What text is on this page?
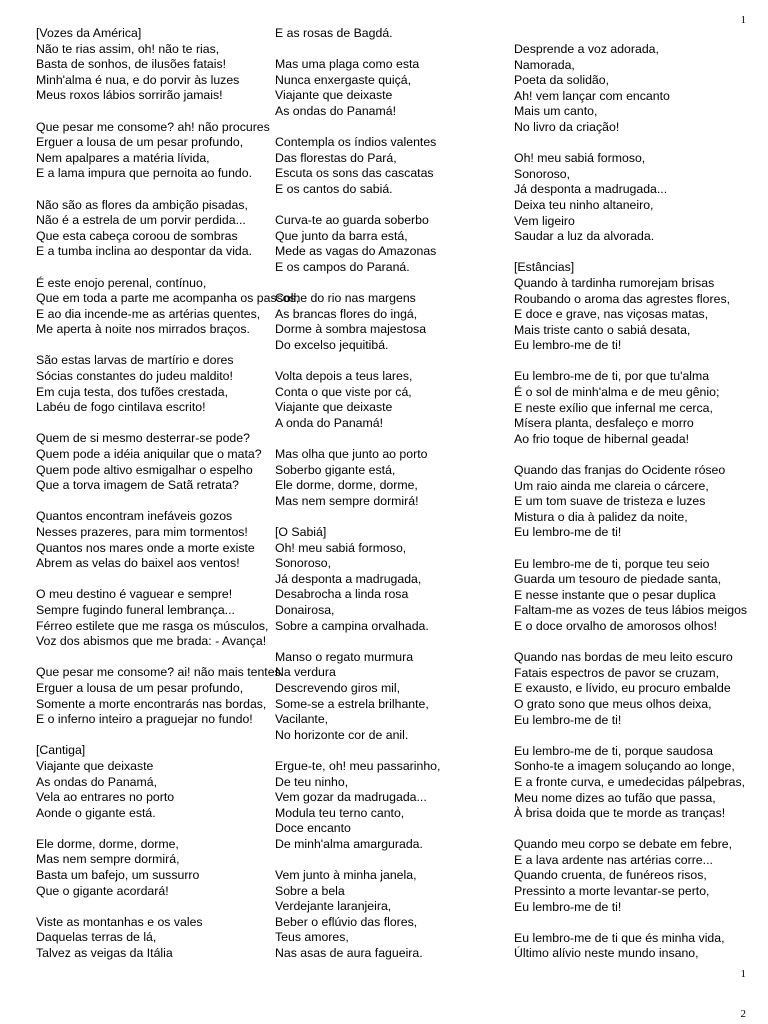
1
[Vozes da América]
Não te rias assim, oh! não te rias,
Basta de sonhos, de ilusões fatais!
Minh'alma é nua, e do porvir às luzes
Meus roxos lábios sorrirão jamais!

Que pesar me consome? ah! não procures
Erguer a lousa de um pesar profundo,
Nem apalpares a matéria lívida,
E a lama impura que pernoita ao fundo.

Não são as flores da ambição pisadas,
Não é a estrela de um porvir perdida...
Que esta cabeça coroou de sombras
E a tumba inclina ao despontar da vida.

É este enojo perenal, contínuo,
Que em toda a parte me acompanha os passos,
E ao dia incende-me as artérias quentes,
Me aperta à noite nos mirrados braços.

São estas larvas de martírio e dores
Sócias constantes do judeu maldito!
Em cuja testa, dos tufões crestada,
Labéu de fogo cintilava escrito!

Quem de si mesmo desterrar-se pode?
Quem pode a idéia aniquilar que o mata?
Quem pode altivo esmigalhar o espelho
Que a torva imagem de Satã retrata?

Quantos encontram inefáveis gozos
Nesses prazeres, para mim tormentos!
Quantos nos mares onde a morte existe
Abrem as velas do baixel aos ventos!

O meu destino é vaguear e sempre!
Sempre fugindo funeral lembrança...
Férreo estilete que me rasga os músculos,
Voz dos abismos que me brada: - Avança!

Que pesar me consome? ai! não mais tentes
Erguer a lousa de um pesar profundo,
Somente a morte encontrarás nas bordas,
E o inferno inteiro a praguejar no fundo!

[Cantiga]
Viajante que deixaste
As ondas do Panamá,
Vela ao entrares no porto
Aonde o gigante está.

Ele dorme, dorme, dorme,
Mas nem sempre dormirá,
Basta um bafejo, um sussurro
Que o gigante acordará!

Viste as montanhas e os vales
Daquelas terras de lá,
Talvez as veigas da Itália
E as rosas de Bagdá.

Mas uma plaga como esta
Nunca enxergaste quiçá,
Viajante que deixaste
As ondas do Panamá!

Contempla os índios valentes
Das florestas do Pará,
Escuta os sons das cascatas
E os cantos do sabiá.

Curva-te ao guarda soberbo
Que junto da barra está,
Mede as vagas do Amazonas
E os campos do Paraná.

Colhe do rio nas margens
As brancas flores do ingá,
Dorme à sombra majestosa
Do excelso jequitibá.

Volta depois a teus lares,
Conta o que viste por cá,
Viajante que deixaste
A onda do Panamá!

Mas olha que junto ao porto
Soberbo gigante está,
Ele dorme, dorme, dorme,
Mas nem sempre dormirá!

[O Sabiá]
Oh! meu sabiá formoso,
Sonoroso,
Já desponta a madrugada,
Desabrocha a linda rosa
Donairosa,
Sobre a campina orvalhada.

Manso o regato murmura
Na verdura
Descrevendo giros mil,
Some-se a estrela brilhante,
Vacilante,
No horizonte cor de anil.

Ergue-te, oh! meu passarinho,
De teu ninho,
Vem gozar da madrugada...
Modula teu terno canto,
Doce encanto
De minh'alma amargurada.

Vem junto à minha janela,
Sobre a bela
Verdejante laranjeira,
Beber o eflúvio das flores,
Teus amores,
Nas asas de aura fagueira.
Desprende a voz adorada,
Namorada,
Poeta da solidão,
Ah! vem lançar com encanto
Mais um canto,
No livro da criação!

Oh! meu sabiá formoso,
Sonoroso,
Já desponta a madrugada...
Deixa teu ninho altaneiro,
Vem ligeiro
Saudar a luz da alvorada.

[Estâncias]
Quando à tardinha rumorejam brisas
Roubando o aroma das agrestes flores,
E doce e grave, nas viçosas matas,
Mais triste canto o sabiá desata,
Eu lembro-me de ti!

Eu lembro-me de ti, por que tu'alma
É o sol de minh'alma e de meu gênio;
E neste exílio que infernal me cerca,
Mísera planta, desfaleço e morro
Ao frio toque de hibernal geada!

Quando das franjas do Ocidente róseo
Um raio ainda me clareia o cárcere,
E um tom suave de tristeza e luzes
Mistura o dia à palidez da noite,
Eu lembro-me de ti!

Eu lembro-me de ti, porque teu seio
Guarda um tesouro de piedade santa,
E nesse instante que o pesar duplica
Faltam-me as vozes de teus lábios meigos
E o doce orvalho de amorosos olhos!

Quando nas bordas de meu leito escuro
Fatais espectros de pavor se cruzam,
E exausto, e lívido, eu procuro embalde
O grato sono que meus olhos deixa,
Eu lembro-me de ti!

Eu lembro-me de ti, porque saudosa
Sonho-te a imagem soluçando ao longe,
E a fronte curva, e umedecidas pálpebras,
Meu nome dizes ao tufão que passa,
À brisa doida que te morde as tranças!

Quando meu corpo se debate em febre,
E a lava ardente nas artérias corre...
Quando cruenta, de funéreos risos,
Pressinto a morte levantar-se perto,
Eu lembro-me de ti!

Eu lembro-me de ti que és minha vida,
Último alívio neste mundo insano,
1
2
